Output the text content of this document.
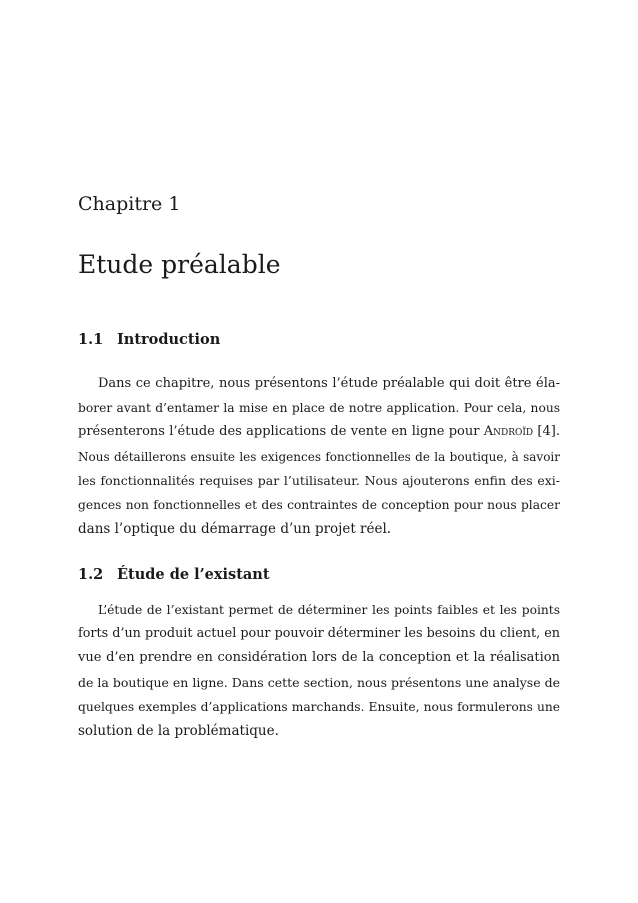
Chapitre 1
Etude préalable
1.1 Introduction
Dans ce chapitre, nous présentons l’étude préalable qui doit être éla-
borer avant d’entamer la mise en place de notre application. Pour cela, nous
présenterons l’étude des applications de vente en ligne pour Androïd [4].
Nous détaillerons ensuite les exigences fonctionnelles de la boutique, à savoir
les fonctionnalités requises par l’utilisateur. Nous ajouterons enfin des exi-
gences non fonctionnelles et des contraintes de conception pour nous placer
dans l’optique du démarrage d’un projet réel.
1.2 Étude de l’existant
L’étude de l’existant permet de déterminer les points faibles et les points
forts d’un produit actuel pour pouvoir déterminer les besoins du client, en
vue d’en prendre en considération lors de la conception et la réalisation
de la boutique en ligne. Dans cette section, nous présentons une analyse de
quelques exemples d’applications marchands. Ensuite, nous formulerons une
solution de la problématique.
